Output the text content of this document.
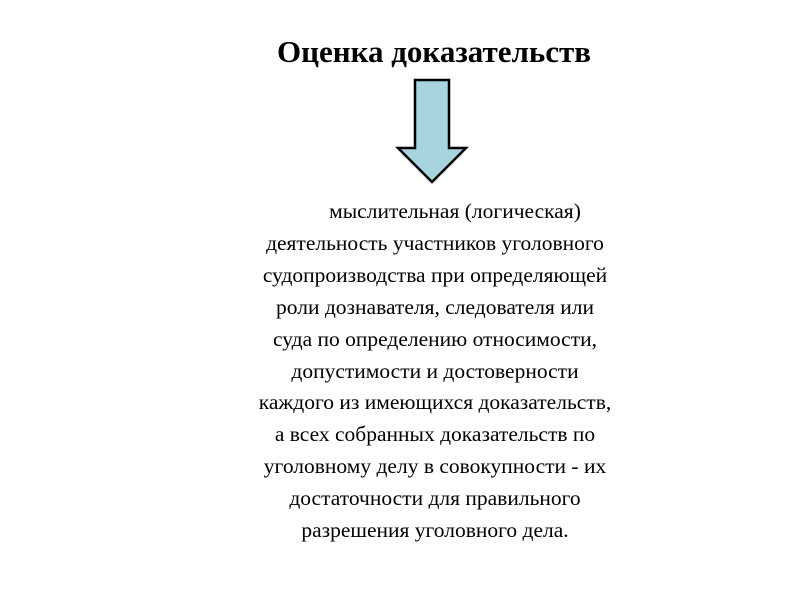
Оценка доказательств

мыслительная (логическая)
деятельность участников уголовного
судопроизводства при определяющей
роли дознавателя, следователя или
суда по определению относимости,
допустимости и достоверности
каждого из имеющихся доказательств,
а всех собранных доказательств по
уголовному делу в совокупности - их
достаточности для правильного
разрешения уголовного дела.
